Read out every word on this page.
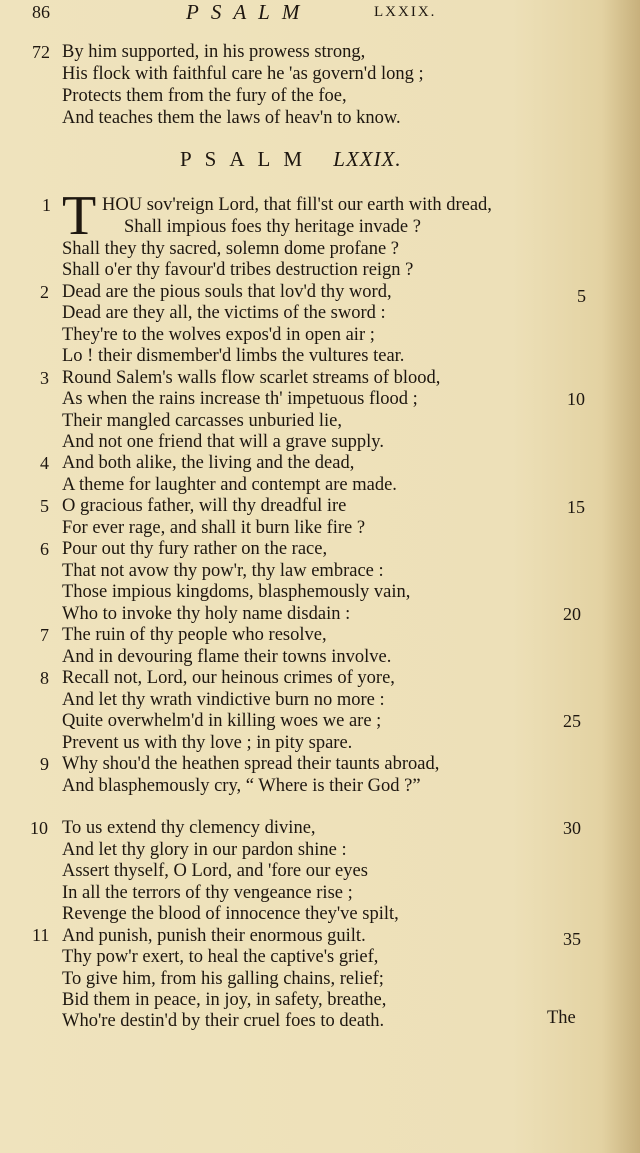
86	PSALM	LXXIX.
72 By him supported, in his prowess strong,
His flock with faithful care he 'as govern'd long ;
Protects them from the fury of the foe,
And teaches them the laws of heav'n to know.
PSALM LXXIX.
T HOU sov'reign Lord, that fill'st our earth with dread,
1
2
3
4
5
6
7
8
9
10
11
Shall impious foes thy heritage invade ?
Shall they thy sacred, solemn dome profane ?
Shall o'er thy favour'd tribes destruction reign ?
Dead are the pious souls that lov'd thy word,
Dead are they all, the victims of the sword :
They're to the wolves expos'd in open air ;
Lo ! their dismember'd limbs the vultures tear.
Round Salem's walls flow scarlet streams of blood,
As when the rains increase th' impetuous flood ;
Their mangled carcasses unburied lie,
And not one friend that will a grave supply.
And both alike, the living and the dead,
A theme for laughter and contempt are made.
O gracious father, will thy dreadful ire
For ever rage, and shall it burn like fire ?
Pour out thy fury rather on the race,
That not avow thy pow'r, thy law embrace :
Those impious kingdoms, blasphemously vain,
Who to invoke thy holy name disdain :
The ruin of thy people who resolve,
And in devouring flame their towns involve.
Recall not, Lord, our heinous crimes of yore,
And let thy wrath vindictive burn no more :
Quite overwhelm'd in killing woes we are ;
Prevent us with thy love ; in pity spare.
Why shou'd the heathen spread their taunts abroad,
And blasphemously cry, “ Where is their God ?”
To us extend thy clemency divine,
And let thy glory in our pardon shine :
Assert thyself, O Lord, and 'fore our eyes
In all the terrors of thy vengeance rise ;
Revenge the blood of innocence they've spilt,
And punish, punish their enormous guilt.
Thy pow'r exert, to heal the captive's grief,
To give him, from his galling chains, relief;
Bid them in peace, in joy, in safety, breathe,
Who're destin'd by their cruel foes to death.
5
10
15
20
25
30
35
The
